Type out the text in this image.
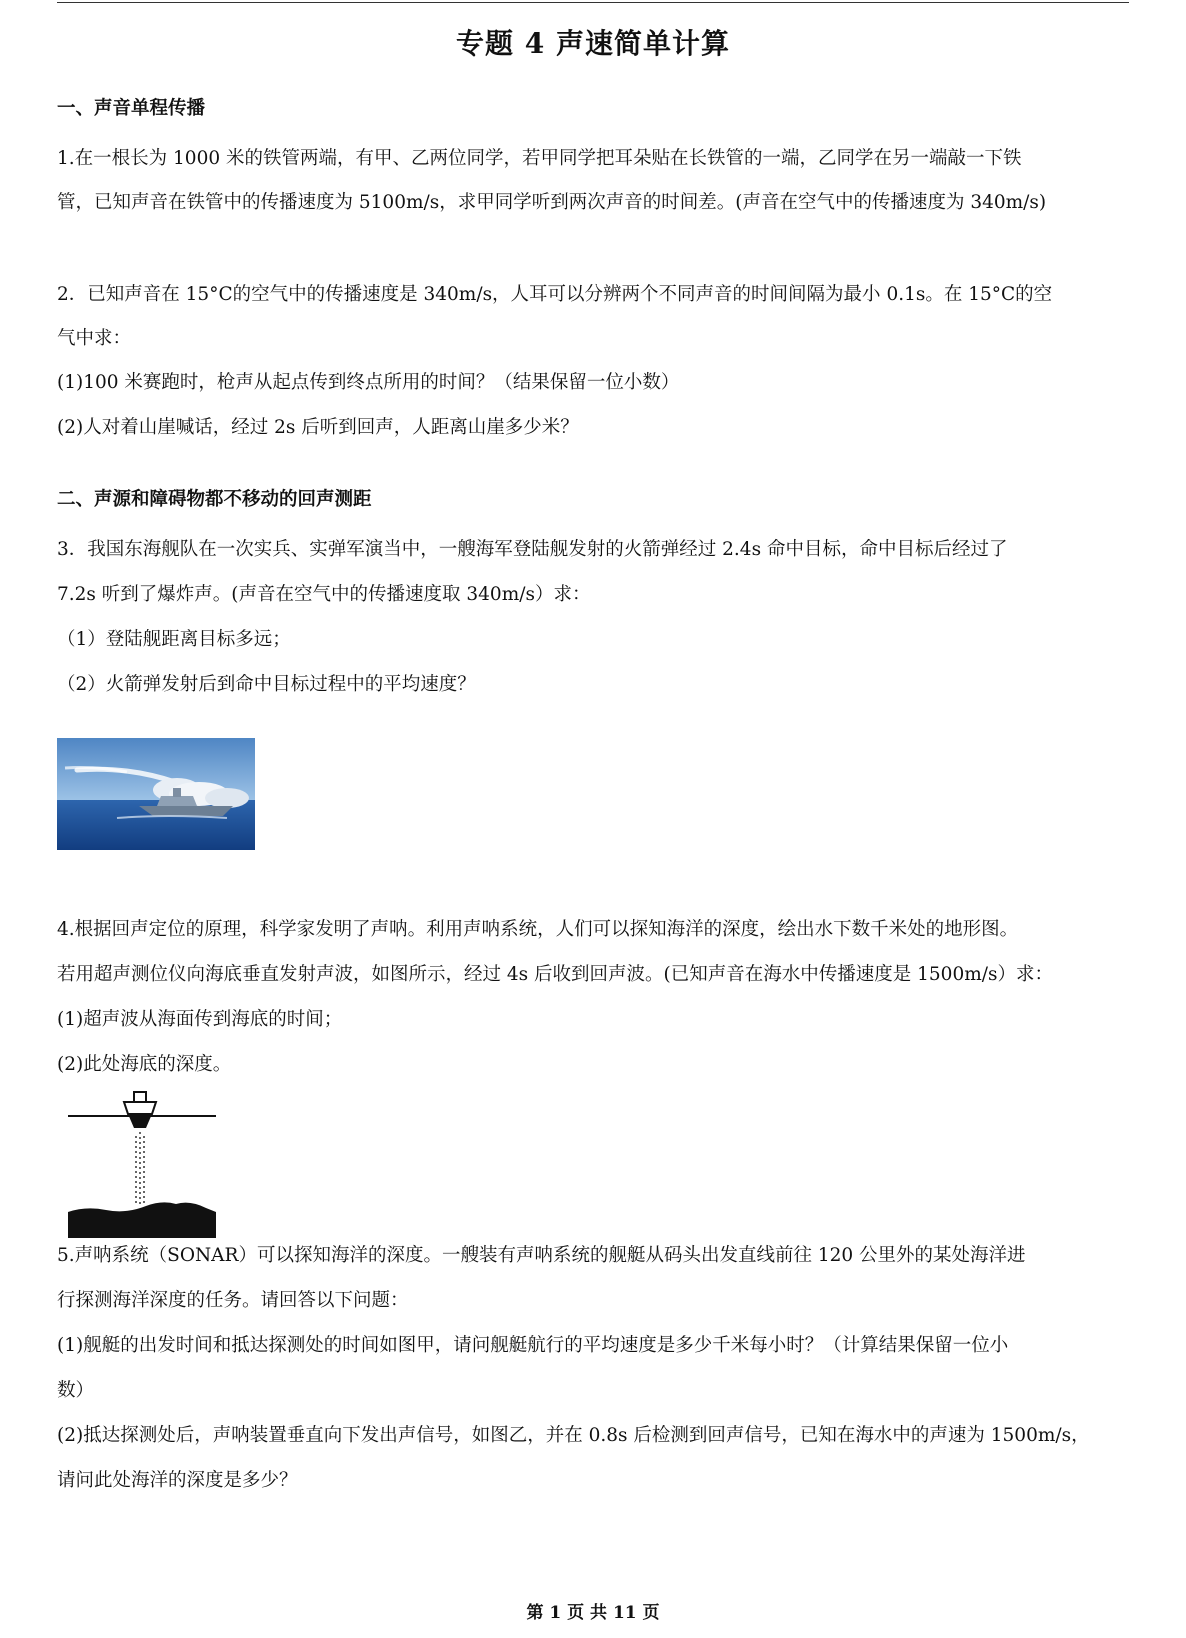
专题 4 声速简单计算
一、声音单程传播
1.在一根长为 1000 米的铁管两端，有甲、乙两位同学，若甲同学把耳朵贴在长铁管的一端，乙同学在另一端敲一下铁
管，已知声音在铁管中的传播速度为 5100m/s，求甲同学听到两次声音的时间差。(声音在空气中的传播速度为 340m/s)
2．已知声音在 15°C的空气中的传播速度是 340m/s，人耳可以分辨两个不同声音的时间间隔为最小 0.1s。在 15°C的空
气中求：
(1)100 米赛跑时，枪声从起点传到终点所用的时间？（结果保留一位小数）
(2)人对着山崖喊话，经过 2s 后听到回声，人距离山崖多少米？
二、声源和障碍物都不移动的回声测距
3．我国东海舰队在一次实兵、实弹军演当中，一艘海军登陆舰发射的火箭弹经过 2.4s 命中目标，命中目标后经过了
7.2s 听到了爆炸声。(声音在空气中的传播速度取 340m/s）求：
（1）登陆舰距离目标多远；
（2）火箭弹发射后到命中目标过程中的平均速度？
4.根据回声定位的原理，科学家发明了声呐。利用声呐系统，人们可以探知海洋的深度，绘出水下数千米处的地形图。
若用超声测位仪向海底垂直发射声波，如图所示，经过 4s 后收到回声波。(已知声音在海水中传播速度是 1500m/s）求：
(1)超声波从海面传到海底的时间；
(2)此处海底的深度。
5.声呐系统（SONAR）可以探知海洋的深度。一艘装有声呐系统的舰艇从码头出发直线前往 120 公里外的某处海洋进
行探测海洋深度的任务。请回答以下问题：
(1)舰艇的出发时间和抵达探测处的时间如图甲，请问舰艇航行的平均速度是多少千米每小时？（计算结果保留一位小
数）
(2)抵达探测处后，声呐装置垂直向下发出声信号，如图乙，并在 0.8s 后检测到回声信号，已知在海水中的声速为 1500m/s，
请问此处海洋的深度是多少？
第 1 页 共 11 页
